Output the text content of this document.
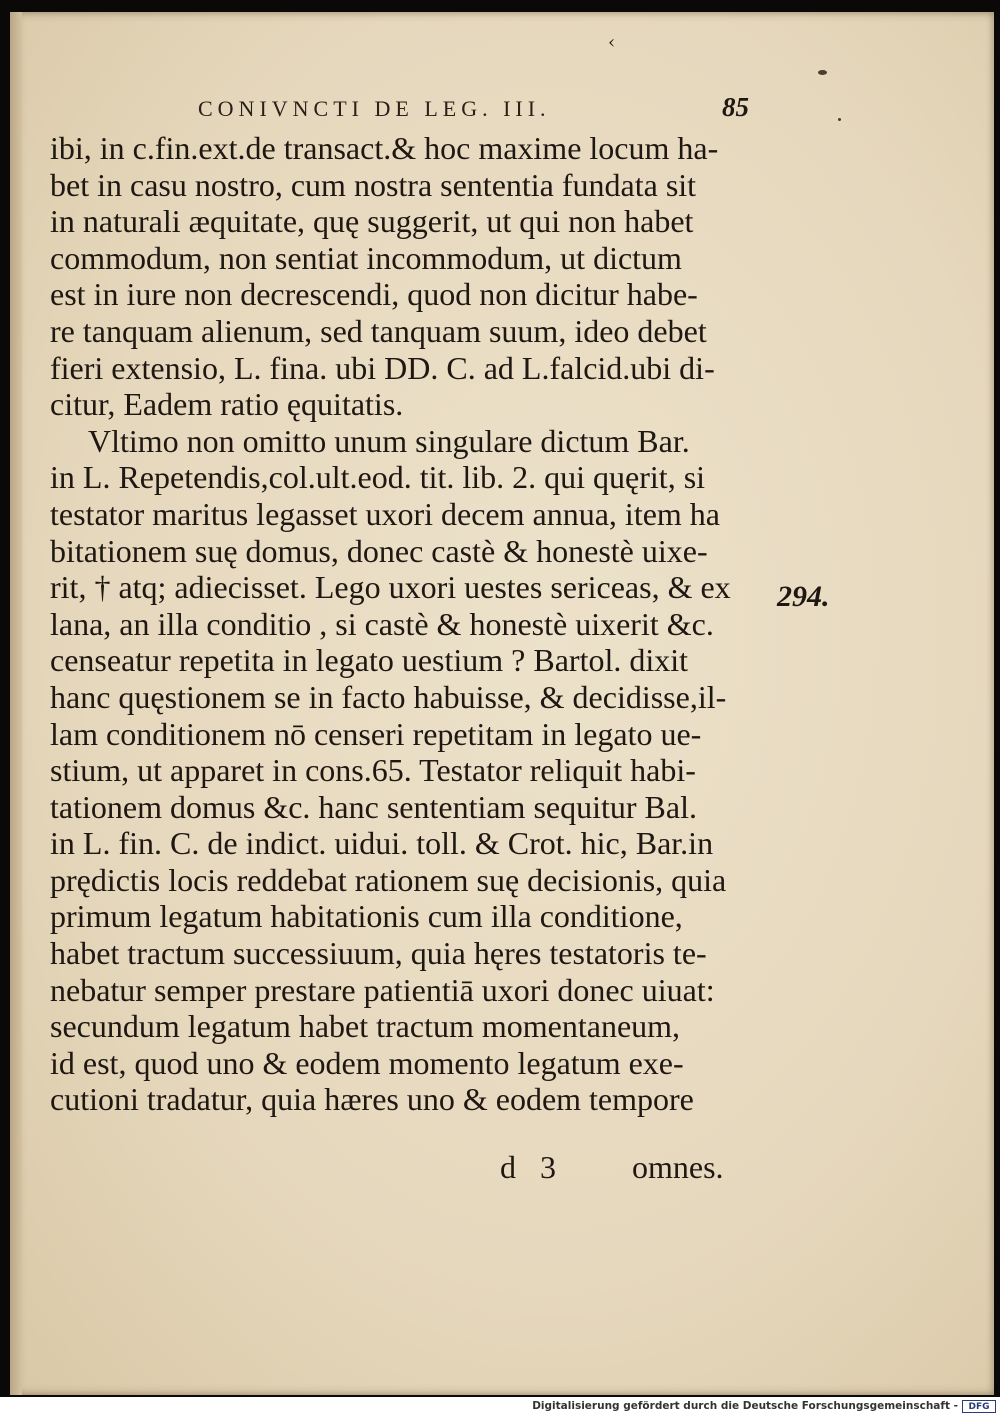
‹
CONIVNCTI DE LEG. III.	85
ibi, in c.fin.ext.de transact.& hoc maxime locum ha-
bet in casu nostro, cum nostra sententia fundata sit
in naturali æquitate, quę suggerit, ut qui non habet
commodum, non sentiat incommodum, ut dictum
est in iure non decrescendi, quod non dicitur habe-
re tanquam alienum, sed tanquam suum, ideo debet
fieri extensio, L. fina. ubi DD. C. ad L.falcid.ubi di-
citur, Eadem ratio ęquitatis.
Vltimo non omitto unum singulare dictum Bar.
in L. Repetendis,col.ult.eod. tit. lib. 2. qui quęrit, si
testator maritus legasset uxori decem annua, item ha
bitationem suę domus, donec castè & honestè uixe-
rit, † atq; adiecisset. Lego uxori uestes sericeas, & ex
lana, an illa conditio , si castè & honestè uixerit &c.
censeatur repetita in legato uestium ? Bartol. dixit
hanc quęstionem se in facto habuisse, & decidisse,il-
lam conditionem nō censeri repetitam in legato ue-
stium, ut apparet in cons.65. Testator reliquit habi-
tationem domus &c. hanc sententiam sequitur Bal.
in L. fin. C. de indict. uidui. toll. & Crot. hic, Bar.in
prędictis locis reddebat rationem suę decisionis, quia
primum legatum habitationis cum illa conditione,
habet tractum successiuum, quia hęres testatoris te-
nebatur semper prestare patientiā uxori donec uiuat:
secundum legatum habet tractum momentaneum,
id est, quod uno & eodem momento legatum exe-
cutioni tradatur, quia hæres uno & eodem tempore
294.
d   3 omnes.
Digitalisierung gefördert durch die Deutsche Forschungsgemeinschaft -	DFG
